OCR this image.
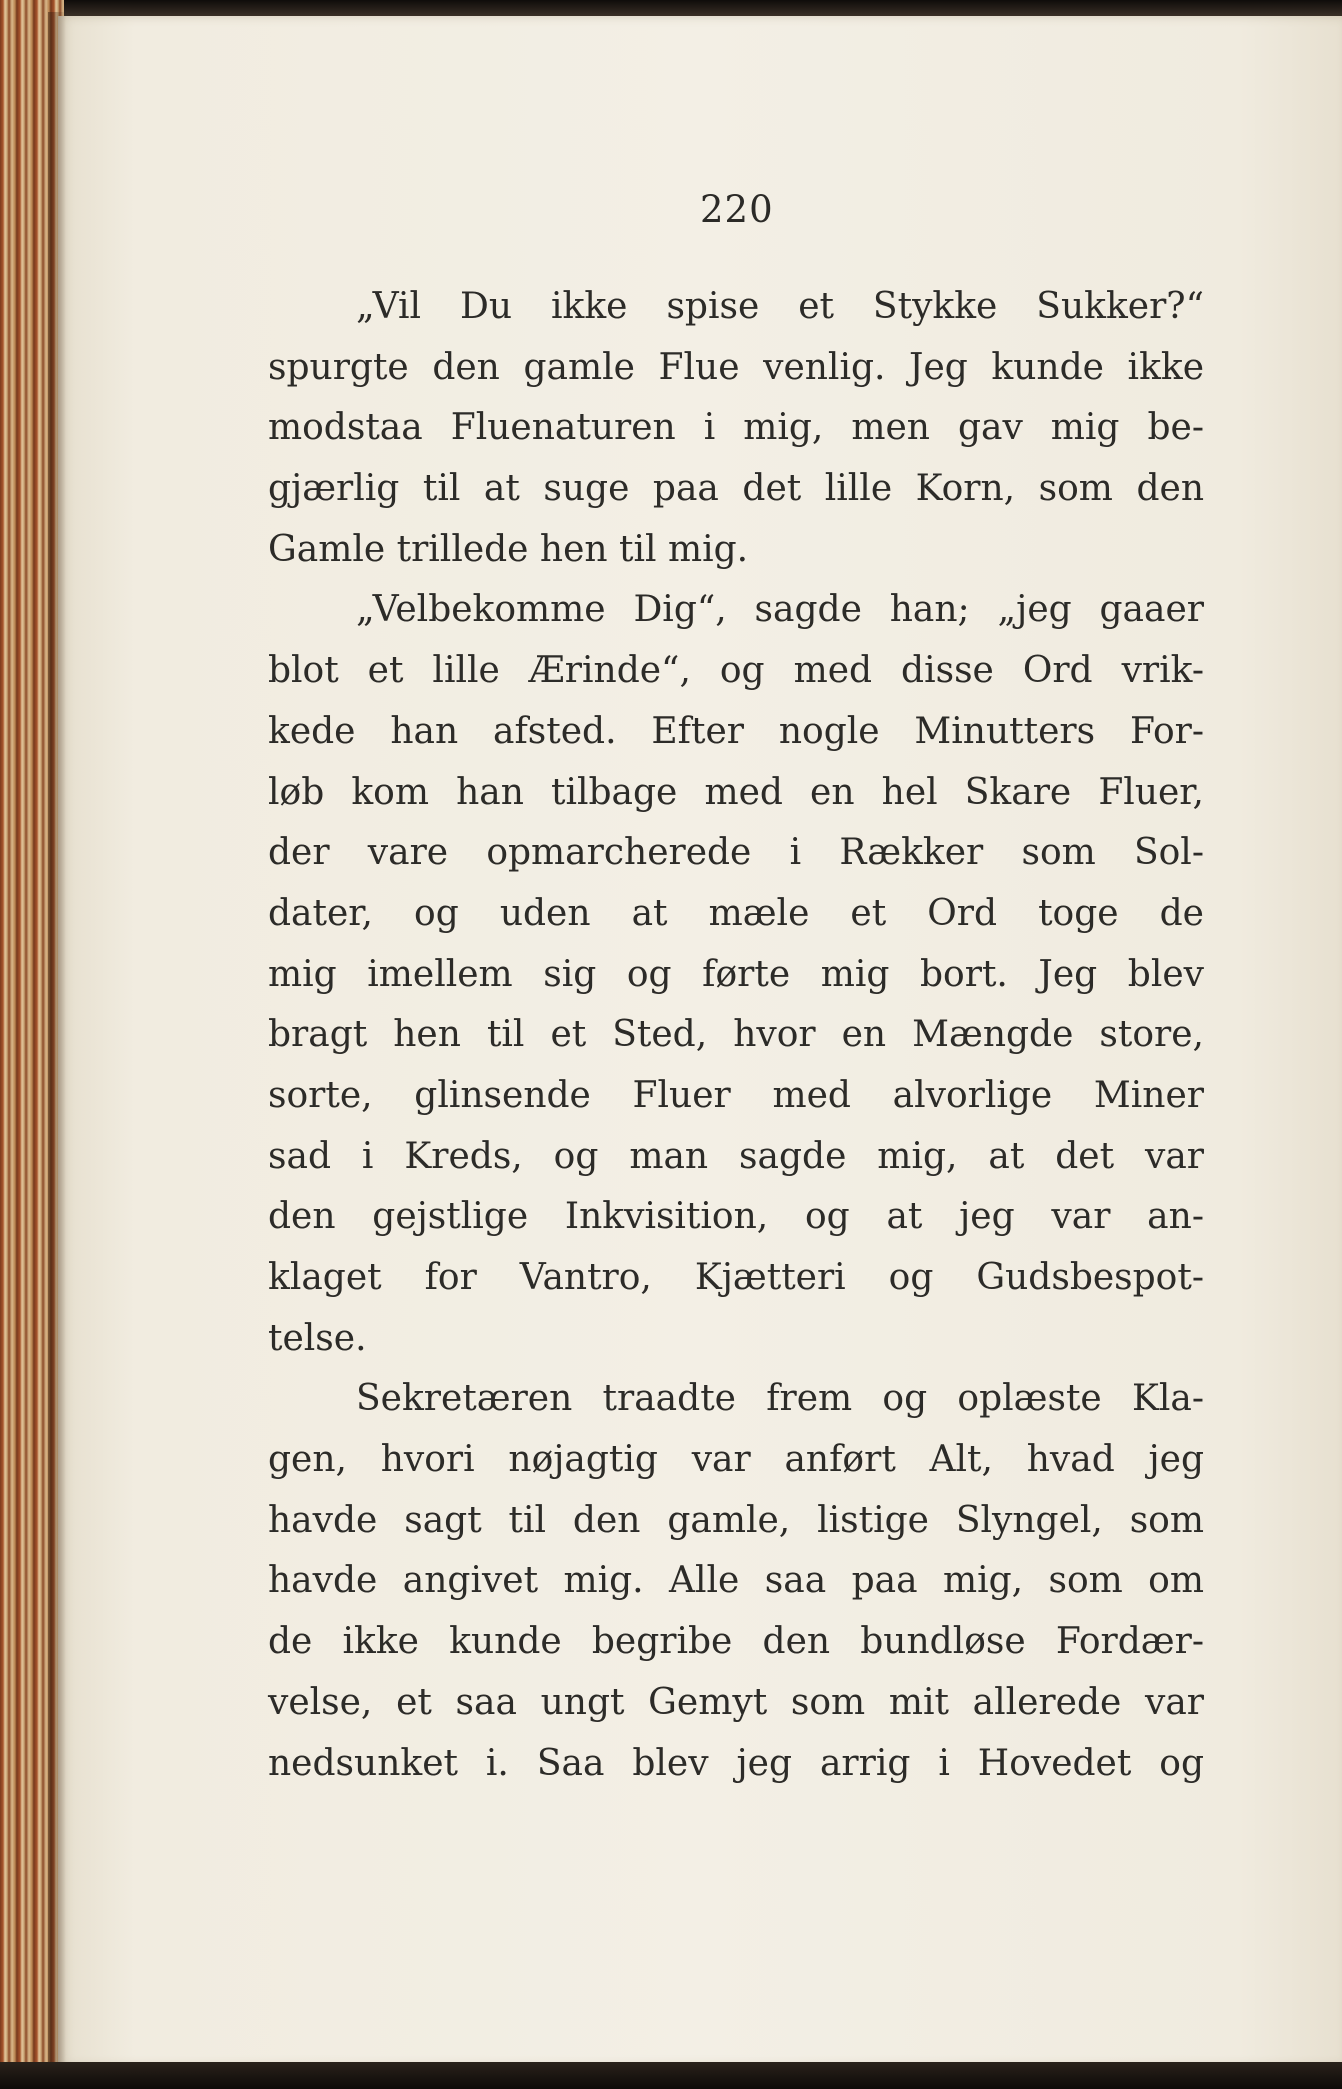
220
„Vil Du ikke spise et Stykke Sukker?“
spurgte den gamle Flue venlig. Jeg kunde ikke
modstaa Fluenaturen i mig, men gav mig be-
gjærlig til at suge paa det lille Korn, som den
Gamle trillede hen til mig.
„Velbekomme Dig“, sagde han; „jeg gaaer
blot et lille Ærinde“, og med disse Ord vrik-
kede han afsted. Efter nogle Minutters For-
løb kom han tilbage med en hel Skare Fluer,
der vare opmarcherede i Rækker som Sol-
dater, og uden at mæle et Ord toge de
mig imellem sig og førte mig bort. Jeg blev
bragt hen til et Sted, hvor en Mængde store,
sorte, glinsende Fluer med alvorlige Miner
sad i Kreds, og man sagde mig, at det var
den gejstlige Inkvisition, og at jeg var an-
klaget for Vantro, Kjætteri og Gudsbespot-
telse.
Sekretæren traadte frem og oplæste Kla-
gen, hvori nøjagtig var anført Alt, hvad jeg
havde sagt til den gamle, listige Slyngel, som
havde angivet mig. Alle saa paa mig, som om
de ikke kunde begribe den bundløse Fordær-
velse, et saa ungt Gemyt som mit allerede var
nedsunket i. Saa blev jeg arrig i Hovedet og
